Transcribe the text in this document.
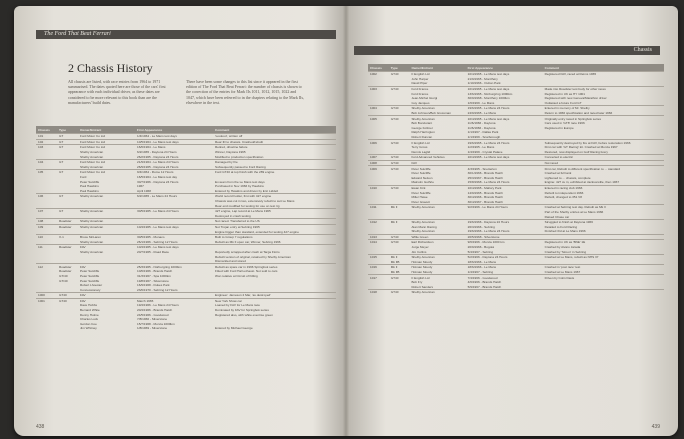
The Ford That Beat Ferrari
2 Chassis History
All chassis are listed, with race entries from 1964 to 1971 summarised. The dates quoted here are those of the cars' first appearance with each individual driver, as these dates are considered to be more relevant to this book than are the manufacturers' build dates.
There have been some changes to this list since it appeared in the first edition of The Ford That Beat Ferrari: the number of chassis is shown to the correction of the entries for Mark IIs 1011, 1012, 1015, 1022 and 1047, which have been referred to in the chapters relating to the Mark IIs, elsewhere in the text.
Chassis	Type	Owner/Entrant	First Appearance	Comment
101	GT	Ford Motor Co Ltd	1/4/1964 - Le Mans test days	'Lookout', written off
102	GT	Ford Motor Co Ltd	10/5/1964 - Le Mans test days	Rear ID to chassis. Crashed/rebuilt
103	GT	Ford Motor Co Ltd	16/6/1964 - Le Mans	Retired, driveline failure
		Shelby American	6/2/1965 - Daytona 24 Hours	Winner, Daytona 1965
		Shelby American	26/2/1965 - Daytona 24 Hours	Modified to production specification
104	GT	Ford Motor Co Ltd	21/9/1964 - Le Mans 24 Hours	Damaged by fire
		Shelby American	26/9/1965 - Daytona 24 Hours	Subsequently passed to Ford Racing
105	GT	Ford Motor Co Ltd	9/4/1964 - Rome 12 Hours	Ford GT40 at top finish with the 289 engine
		Ford	16/5/1964 - Le Mans test day	
		Peter Sutcliffe	30/7/1966 - Daytona 24 Hours	Ex-team from the Le Mans test days
		Paul Hawkins	1967	Purchased in Nov 1966 by Hawkins
		Paul Hawkins	April 1968	Entered by Hawkins and driven by Eric Liddell
106	GT	Shelby American	6/2/1965 - Le Mans 24 Hours	World record holder, first with 427 engine
				Chassis was cut in two, extensively rebuilt to suit Le Mans
				Rear end modified for testing for use on test rig
107	GT	Shelby American	30/5/1965 - Le Mans 24 Hours	427 engine, Lap record at Le Mans 1965
				Destroyed in crash testing
108	Roadster	Shelby American		Not raced. Transferred to the US
109	Roadster	Shelby American	10/4/1965 - Le Mans test days	Not Trojan entry at Sebring 1965
				Engine bigger than standard, extended for testing 427 engine
110	X-1	Bruce McLaren	30/5/1965 - Monaco	Built to Group 7 regulations
		Shelby American	26/1/1966 - Sebring 12 Hours	Rebuilt as Mk II open car, Winner, Sebring 1966
111	Roadster	FAV	10/4/1965 - Le Mans test days	
		Shelby American	20/7/1965 - Road Race	Reportedly scrapped after crash at Targa Florio
				Rebuilt version of original, retained by Shelby American
				Dismantled and stored
112	Roadster	FAV	25/3/1965 - Nürburgring 1000km	Rebuilt as spare car in 1966 Springbok series
	Roadster	Peter Sutcliffe	10/6/1966 - Brands Hatch	Fitted with Ford Hall exhaust. Not sold to cars
	GT/40	Peter Sutcliffe	31/3/1967 - Spa 1000km	Won relative at Circuit of Killing
	GT/40	Peter Sutcliffe	19/8/1967 - Silverstone	
		Robert Lhoester	16/9/1968 - Dukes Park	
		Concessionary	23/6/1970 - Sebring 12 Hours	
1000	GT40	FAV		Engineer: Jameson 2 Mar, 'as destroyed'
1001	GT40	FAV	March 1965	New York Show car
		Dave Hobbs	19/4/1966 - Le Mans 24 Hours	Loaned by FAV for Le Mans race
		Bernard White	20/4/1966 - Brands Hatch	Dominated by FAV for Springbok series
		Denny Hulme	24/5/1966 - Goodwood	Registered also, with white exercise green
		Charles Luck	7/8/1966 - Silverstone	
		Gordon Coe	15/7/1968 - Monza 1000km	
		Jim Whitney	1/8/1969 - Silverstone	Entered by Michael George
438
Chassis
Chassis	Type	Owner/Entrant	First Appearance	Comment
1002	GT40	F English Ltd	10/4/1965 - Le Mans test days	Registered FAV, raced at Reims 1965
		John Harper	21/9/1965 - Montlhéry	
		David Piper	1/10/1966 - Oulton Park	
1003	GT40	Ford France	10/4/1965 - Le Mans test days	Made into Roadster test body for other races
		Ford France	13/6/1965 - Nürburgring 1000km	Registered in UK as HY 1001
		Jean-Michel Giorgi	30/9/1968 - Montlhéry 1000km	Registered with new Geneva/Marathon driver
		Guy Jacques	1/6/1969 - Le Mans	Outlasted a future Ford GT
1004	GT40	Shelby American	19/6/1965 - Le Mans 24 Hours	Entered in memory of Mr. Shelby
		Bob Johnson/Bob Grossman	24/9/1965 - Le Mans	Return to 1966 specification and raced later 1966
1005	GT40	Shelby American	10/4/1965 - Le Mans test days	Originally entry raced in Springbok series
		Bob Bondurant	11/6/1966 - Daytona	Cars used in 'GT8' race 1966
		George Follmer	11/6/1966 - Daytona	Registered in Europe
		Ralph Harrington	1/1/1967 - Dallas Park	
		Robert Duncan	1/1/1969 - Scarborough	
1006	GT40	F English Ltd	19/6/1965 - Le Mans 24 Hours	Subsequently destroyed by fire at FAV, before restoration 1966
		Terry Gross	1/2/1965 - Le Mans	First car with 'GT Racing' kit. Crashed at Monza 1967
		Dennis Laglid	1/4/1969 - Crystal Palace	Restored, now displayed on Gulf Racing livery
1007	GT40	Ford Advanced Vehicles	10/4/1965 - Le Mans test days	Converted to electric
1008	GT40	FAV		Not raced
1009	GT40	Peter Sutcliffe	4/3/1965 - Snetterton	First car, Rebuilt to different specification to ... standard
		Peter Sutcliffe	30/1/1966 - Brands Hatch	Crashed at full tank
		Edward Nelson	25/3/1967 - Brands Hatch	Lightened to ... chassis, complete
		Malcolm Guthrie	15/8/1968 - Le Mans 24 Hours	Engine: 427 cu in, exhibited at Jacksonville, then 1967
1010	GT40	Ewan Kirk	10/4/1965 - Mallory Park	Entered in racing club 1966
		Peter Sutcliffe	14/9/1965 - Brands Hatch	Rebuilt to independent 1966
		Miller Hawe	30/4/1966 - Brands Hatch	Rebuilt, changed to 351 V8
		Peter Gravett	30/4/1967 - Brands Hatch	
1011	Mk II	Shelby American	9/2/1966 - Le Mans 24 Hours	Crashed at Sebring test day. Rebuilt as Mk II
				Part of the Shelby entries at Le Mans 1966
				Raised Chase car
1012	Mk II	Shelby American	19/6/1966 - Daytona 24 Hours	Struggled to finish at Daytona 1966
		Alan Mann Racing	26/3/1966 - Sebring	Detailed to Ford Racing
		Shelby American	19/6/1966 - Le Mans 24 Hours	Finished 3rd at Le Mans 1966
1013	GT40	Willie Green	20/5/1968 - Silverstone	
1014	GT40	Earl Richardson	9/6/1966 - Monza 1000 km	Registered in UK as 'BNE' 1E
		Jorge Meyer	20/9/1966 - Bogotá	Crashed by Alvaro Jarada
		Jim Collins	5/4/1967 - Sebring	Crashed by 'Simon' in Sebring
1015	Mk II	Shelby American	5/2/1966 - Daytona 24 Hours	Crashed at Le Mans, rebuilt as NHS 37
	Mk IIB	Holman Moody	18/6/1966 - Le Mans	
1016	Mk II	Holman Moody	18/6/1966 - Le Mans	Crashed in 'post race' test
	Mk IIB	Holman Moody	1/4/1967 - Sebring	Crashed at Le Mans 1967
1017	GT40	F English Ltd	7/4/1966 - Goodwood	Driven by Colin Davis
		Bob Fry	4/6/1966 - Brands Hatch	
		Robert Sanders	5/9/1967 - Brands Hatch	
1018	GT40	Shelby American		
439
